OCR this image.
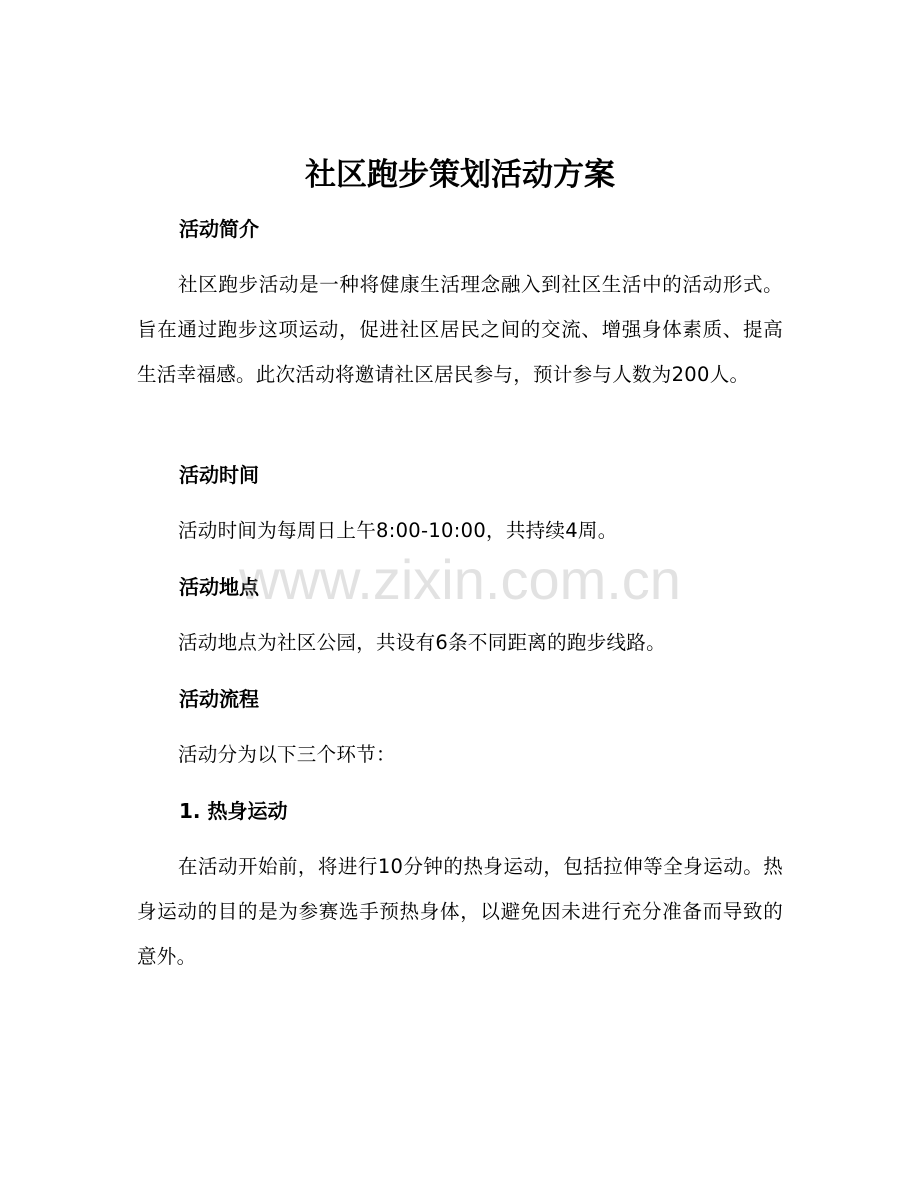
社区跑步策划活动方案

活动简介

社区跑步活动是一种将健康生活理念融入到社区生活中的活动形式。旨在通过跑步这项运动，促进社区居民之间的交流、增强身体素质、提高生活幸福感。此次活动将邀请社区居民参与，预计参与人数为200人。

活动时间

活动时间为每周日上午8:00-10:00，共持续4周。

活动地点

活动地点为社区公园，共设有6条不同距离的跑步线路。

活动流程

活动分为以下三个环节：

1. 热身运动

在活动开始前，将进行10分钟的热身运动，包括拉伸等全身运动。热身运动的目的是为参赛选手预热身体，以避免因未进行充分准备而导致的意外。

www.zixin.com.cn
